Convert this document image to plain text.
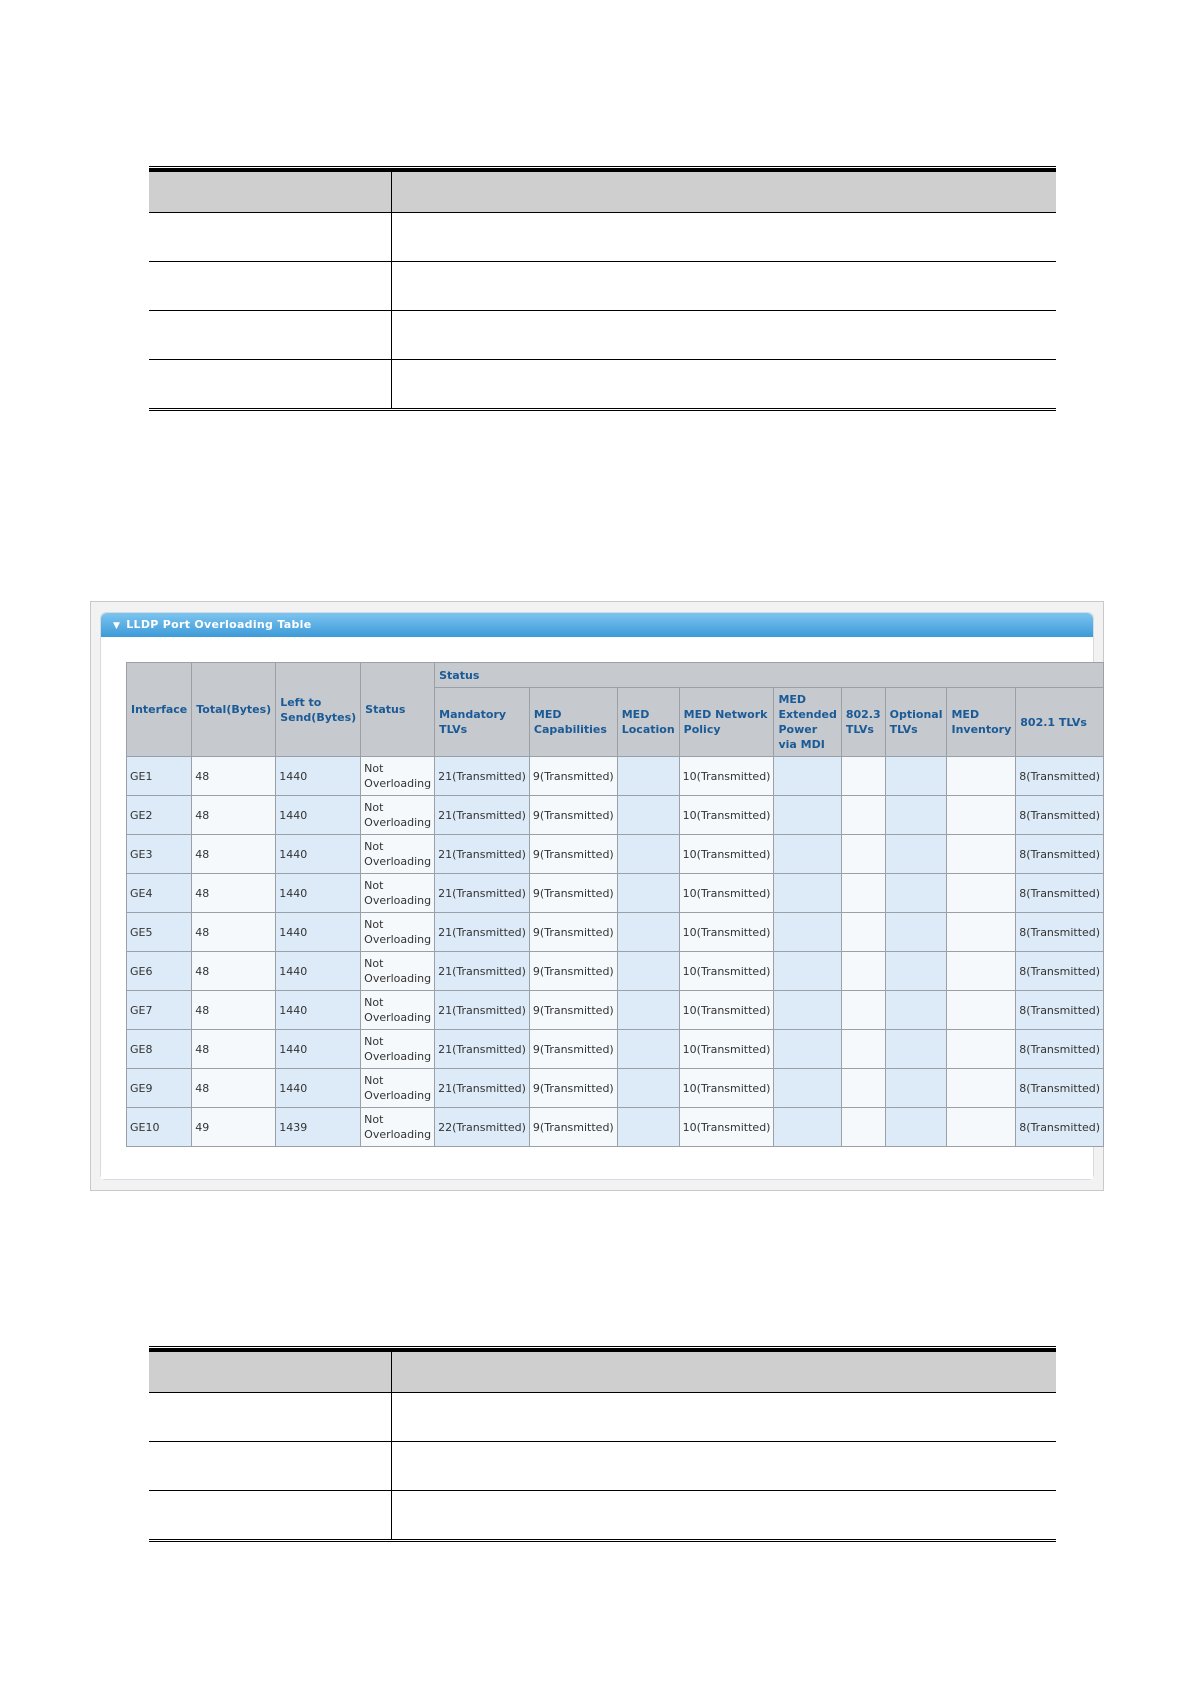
▼ LLDP Port Overloading Table
Interface	Total(Bytes)	Left to Send(Bytes)	Status	Status								
				Mandatory TLVs	MED Capabilities	MED Location	MED Network Policy	MED Extended Power via MDI	802.3 TLVs	Optional TLVs	MED Inventory	802.1 TLVs
GE1	48	1440	Not Overloading	21(Transmitted)	9(Transmitted)		10(Transmitted)					8(Transmitted)
GE2	48	1440	Not Overloading	21(Transmitted)	9(Transmitted)		10(Transmitted)					8(Transmitted)
GE3	48	1440	Not Overloading	21(Transmitted)	9(Transmitted)		10(Transmitted)					8(Transmitted)
GE4	48	1440	Not Overloading	21(Transmitted)	9(Transmitted)		10(Transmitted)					8(Transmitted)
GE5	48	1440	Not Overloading	21(Transmitted)	9(Transmitted)		10(Transmitted)					8(Transmitted)
GE6	48	1440	Not Overloading	21(Transmitted)	9(Transmitted)		10(Transmitted)					8(Transmitted)
GE7	48	1440	Not Overloading	21(Transmitted)	9(Transmitted)		10(Transmitted)					8(Transmitted)
GE8	48	1440	Not Overloading	21(Transmitted)	9(Transmitted)		10(Transmitted)					8(Transmitted)
GE9	48	1440	Not Overloading	21(Transmitted)	9(Transmitted)		10(Transmitted)					8(Transmitted)
GE10	49	1439	Not Overloading	22(Transmitted)	9(Transmitted)		10(Transmitted)					8(Transmitted)
